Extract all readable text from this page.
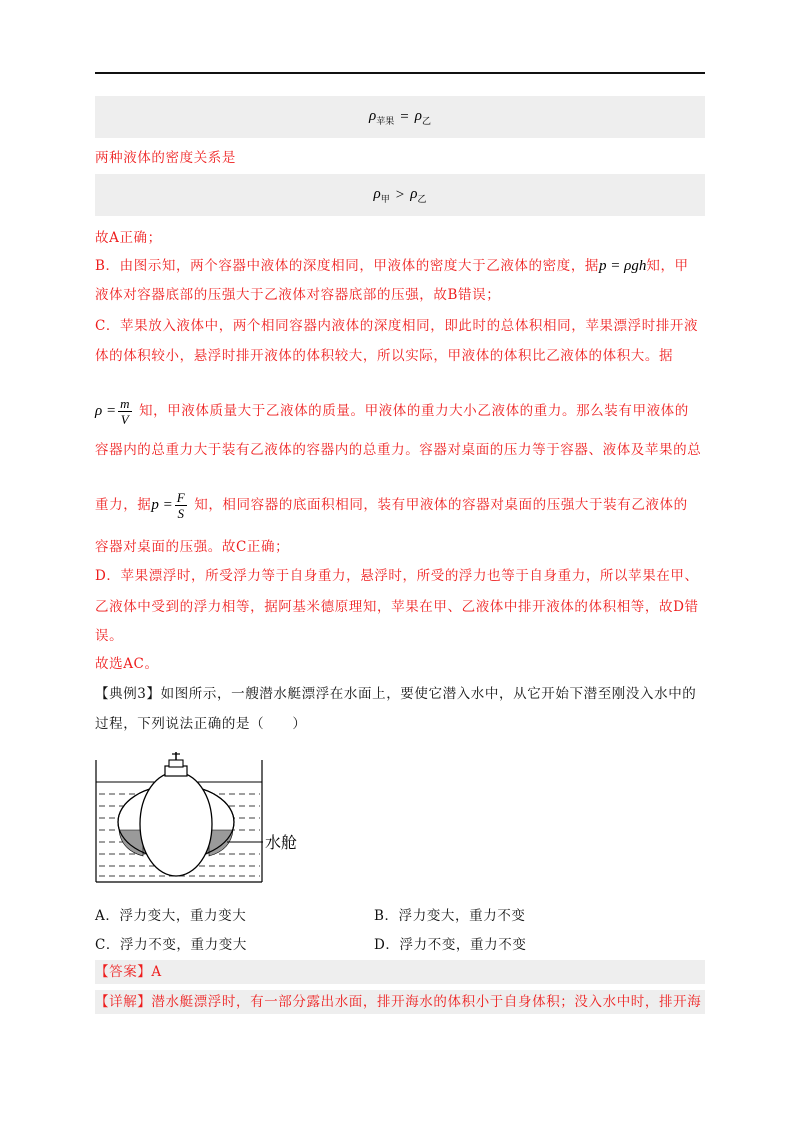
$\rho_{苹果} = \rho_乙$
两种液体的密度关系是
$\rho_甲 > \rho_乙$
故A正确；
B．由图示知，两个容器中液体的深度相同，甲液体的密度大于乙液体的密度，据p = ρgh知，甲
液体对容器底部的压强大于乙液体对容器底部的压强，故B错误；
C．苹果放入液体中，两个相同容器内液体的深度相同，即此时的总体积相同，苹果漂浮时排开液
体的体积较小，悬浮时排开液体的体积较大，所以实际，甲液体的体积比乙液体的体积大。据
$\rho = \frac{m}{V}$ 知，甲液体质量大于乙液体的质量。甲液体的重力大小乙液体的重力。那么装有甲液体的
容器内的总重力大于装有乙液体的容器内的总重力。容器对桌面的压力等于容器、液体及苹果的总
重力，据$p = \frac{F}{S}$ 知，相同容器的底面积相同，装有甲液体的容器对桌面的压强大于装有乙液体的
容器对桌面的压强。故C正确；
D．苹果漂浮时，所受浮力等于自身重力，悬浮时，所受的浮力也等于自身重力，所以苹果在甲、
乙液体中受到的浮力相等，据阿基米德原理知，苹果在甲、乙液体中排开液体的体积相等，故D错
误。
故选AC。
【典例3】如图所示，一艘潜水艇漂浮在水面上，要使它潜入水中，从它开始下潜至刚没入水中的
过程，下列说法正确的是（　　）
水舱
A．浮力变大，重力变大	B．浮力变大，重力不变
C．浮力不变，重力变大	D．浮力不变，重力不变
【答案】A
【详解】潜水艇漂浮时，有一部分露出水面，排开海水的体积小于自身体积；没入水中时，排开海
